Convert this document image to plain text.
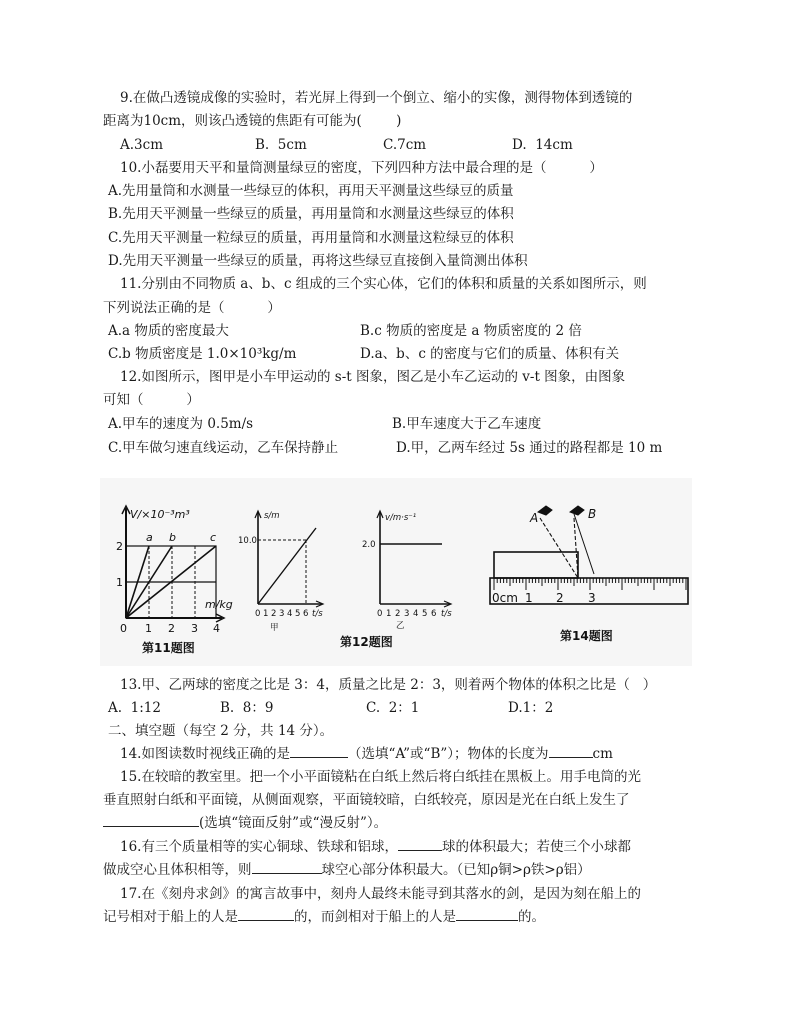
9.在做凸透镜成像的实验时，若光屏上得到一个倒立、缩小的实像，测得物体到透镜的
距离为10cm，则该凸透镜的焦距有可能为(        )
A.3cm	B.  5cm	C.7cm	D.  14cm
10.小磊要用天平和量筒测量绿豆的密度，下列四种方法中最合理的是（          ）
A.先用量筒和水测量一些绿豆的体积，再用天平测量这些绿豆的质量
B.先用天平测量一些绿豆的质量，再用量筒和水测量这些绿豆的体积
C.先用天平测量一粒绿豆的质量，再用量筒和水测量这粒绿豆的体积
D.先用天平测量一些绿豆的质量，再将这些绿豆直接倒入量筒测出体积
11.分别由不同物质 a、b、c 组成的三个实心体，它们的体积和质量的关系如图所示，则
下列说法正确的是（          ）
A.a 物质的密度最大	B.c 物质的密度是 a 物质密度的 2 倍
C.b 物质密度是 1.0×10³kg/m	D.a、b、c 的密度与它们的质量、体积有关
12.如图所示，图甲是小车甲运动的 s-t 图象，图乙是小车乙运动的 v-t 图象，由图象
可知（          ）
A.甲车的速度为 0.5m/s	B.甲车速度大于乙车速度
C.甲车做匀速直线运动，乙车保持静止	D.甲，乙两车经过 5s 通过的路程都是 10 m
V/×10⁻³m³
m/kg
1
2
0 1 2 3 4
a b	c
第11题图
s/m
10.0
0 1 2 3 4 5 6 t/s
甲
v/m·s⁻¹
2.0
0 1 2 3 4 5 6 t/s
乙
第12题图
A	B
0cm 1 2 3
第14题图
13.甲、乙两球的密度之比是 3：4，质量之比是 2：3，则着两个物体的体积之比是（   ）
A.  1:12	B.  8：9	C.  2：1	D.1：2
二、填空题（每空 2 分，共 14 分）。
14.如图读数时视线正确的是	（选填“A”或“B”）；物体的长度为	cm
15.在较暗的教室里。把一个小平面镜粘在白纸上然后将白纸挂在黑板上。用手电筒的光
垂直照射白纸和平面镜，从侧面观察，平面镜较暗，白纸较亮，原因是光在白纸上发生了
(选填“镜面反射”或“漫反射”）。
16.有三个质量相等的实心铜球、铁球和铝球，	球的体积最大；若使三个小球都
做成空心且体积相等，则	球空心部分体积最大。（已知ρ铜>ρ铁>ρ铝）
17.在《刻舟求剑》的寓言故事中，刻舟人最终未能寻到其落水的剑，是因为刻在船上的
记号相对于船上的人是	的，而剑相对于船上的人是	的。
